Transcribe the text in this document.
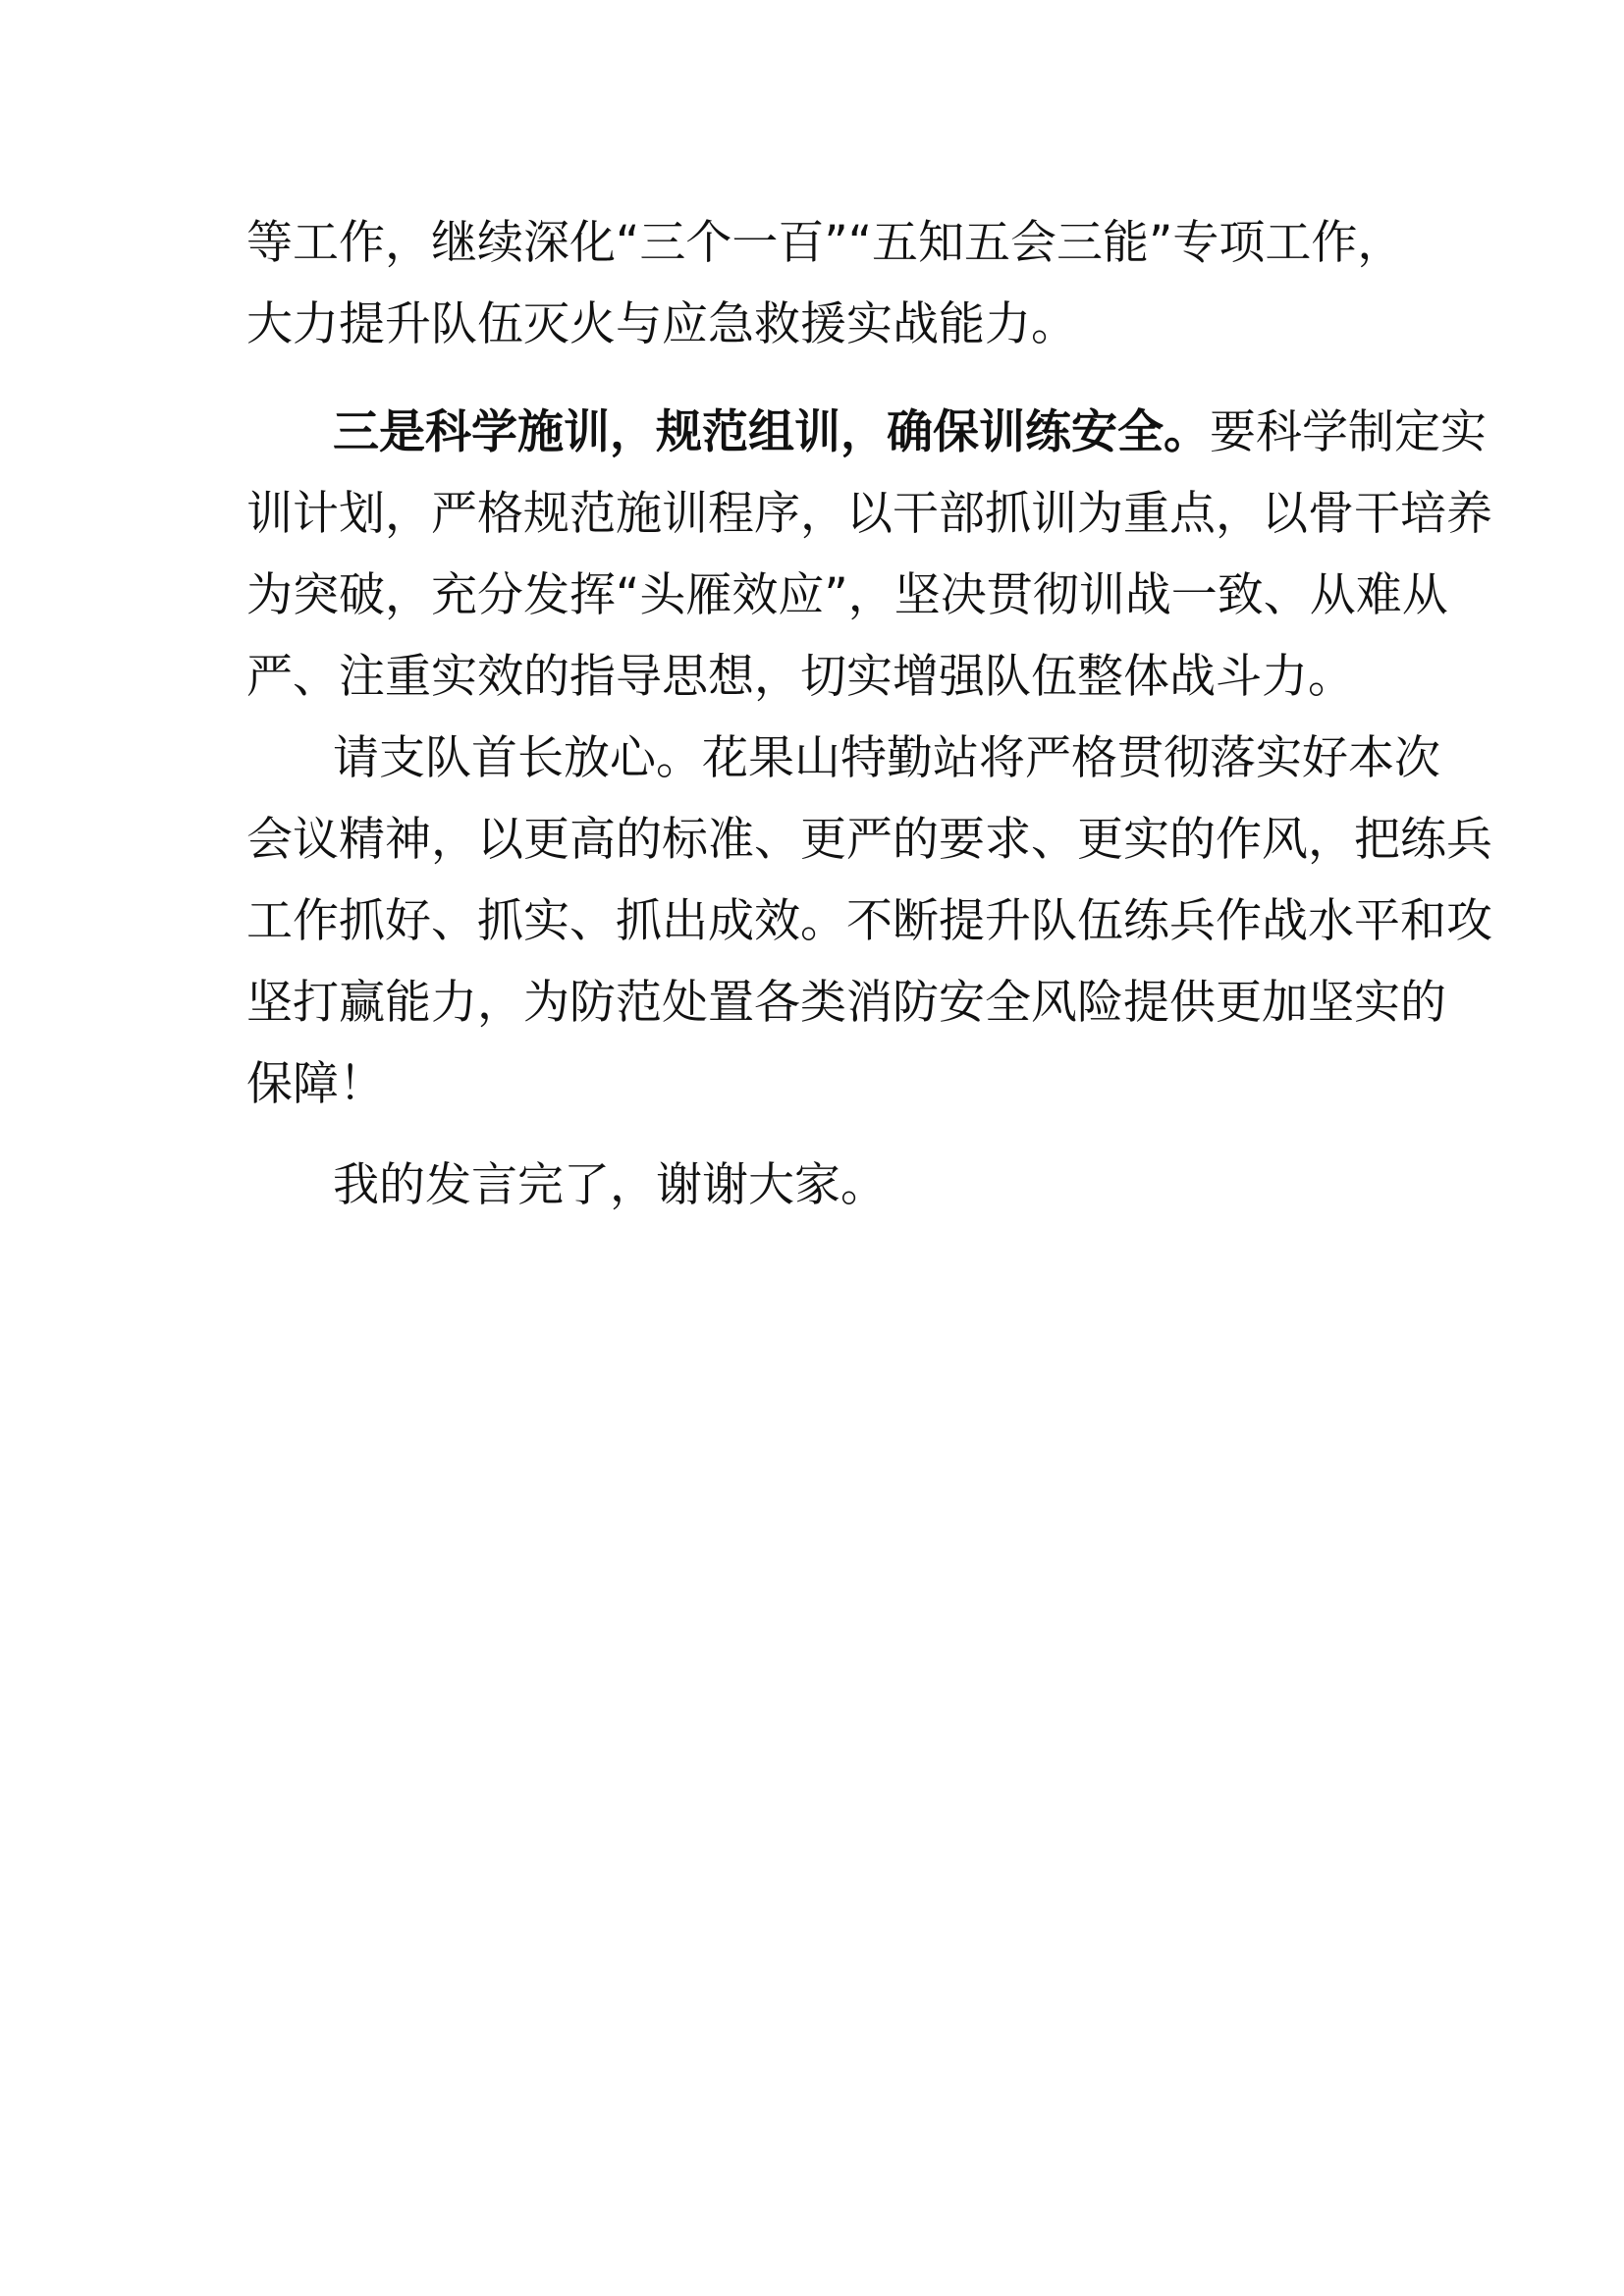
等工作，继续深化“三个一百”“五知五会三能”专项工作，
大力提升队伍灭火与应急救援实战能力。
三是科学施训，规范组训，确保训练安全。要科学制定实
训计划，严格规范施训程序，以干部抓训为重点，以骨干培养
为突破，充分发挥“头雁效应”，坚决贯彻训战一致、从难从
严、注重实效的指导思想，切实增强队伍整体战斗力。
请支队首长放心。花果山特勤站将严格贯彻落实好本次
会议精神，以更高的标准、更严的要求、更实的作风，把练兵
工作抓好、抓实、抓出成效。不断提升队伍练兵作战水平和攻
坚打赢能力，为防范处置各类消防安全风险提供更加坚实的
保障！
我的发言完了，谢谢大家。
